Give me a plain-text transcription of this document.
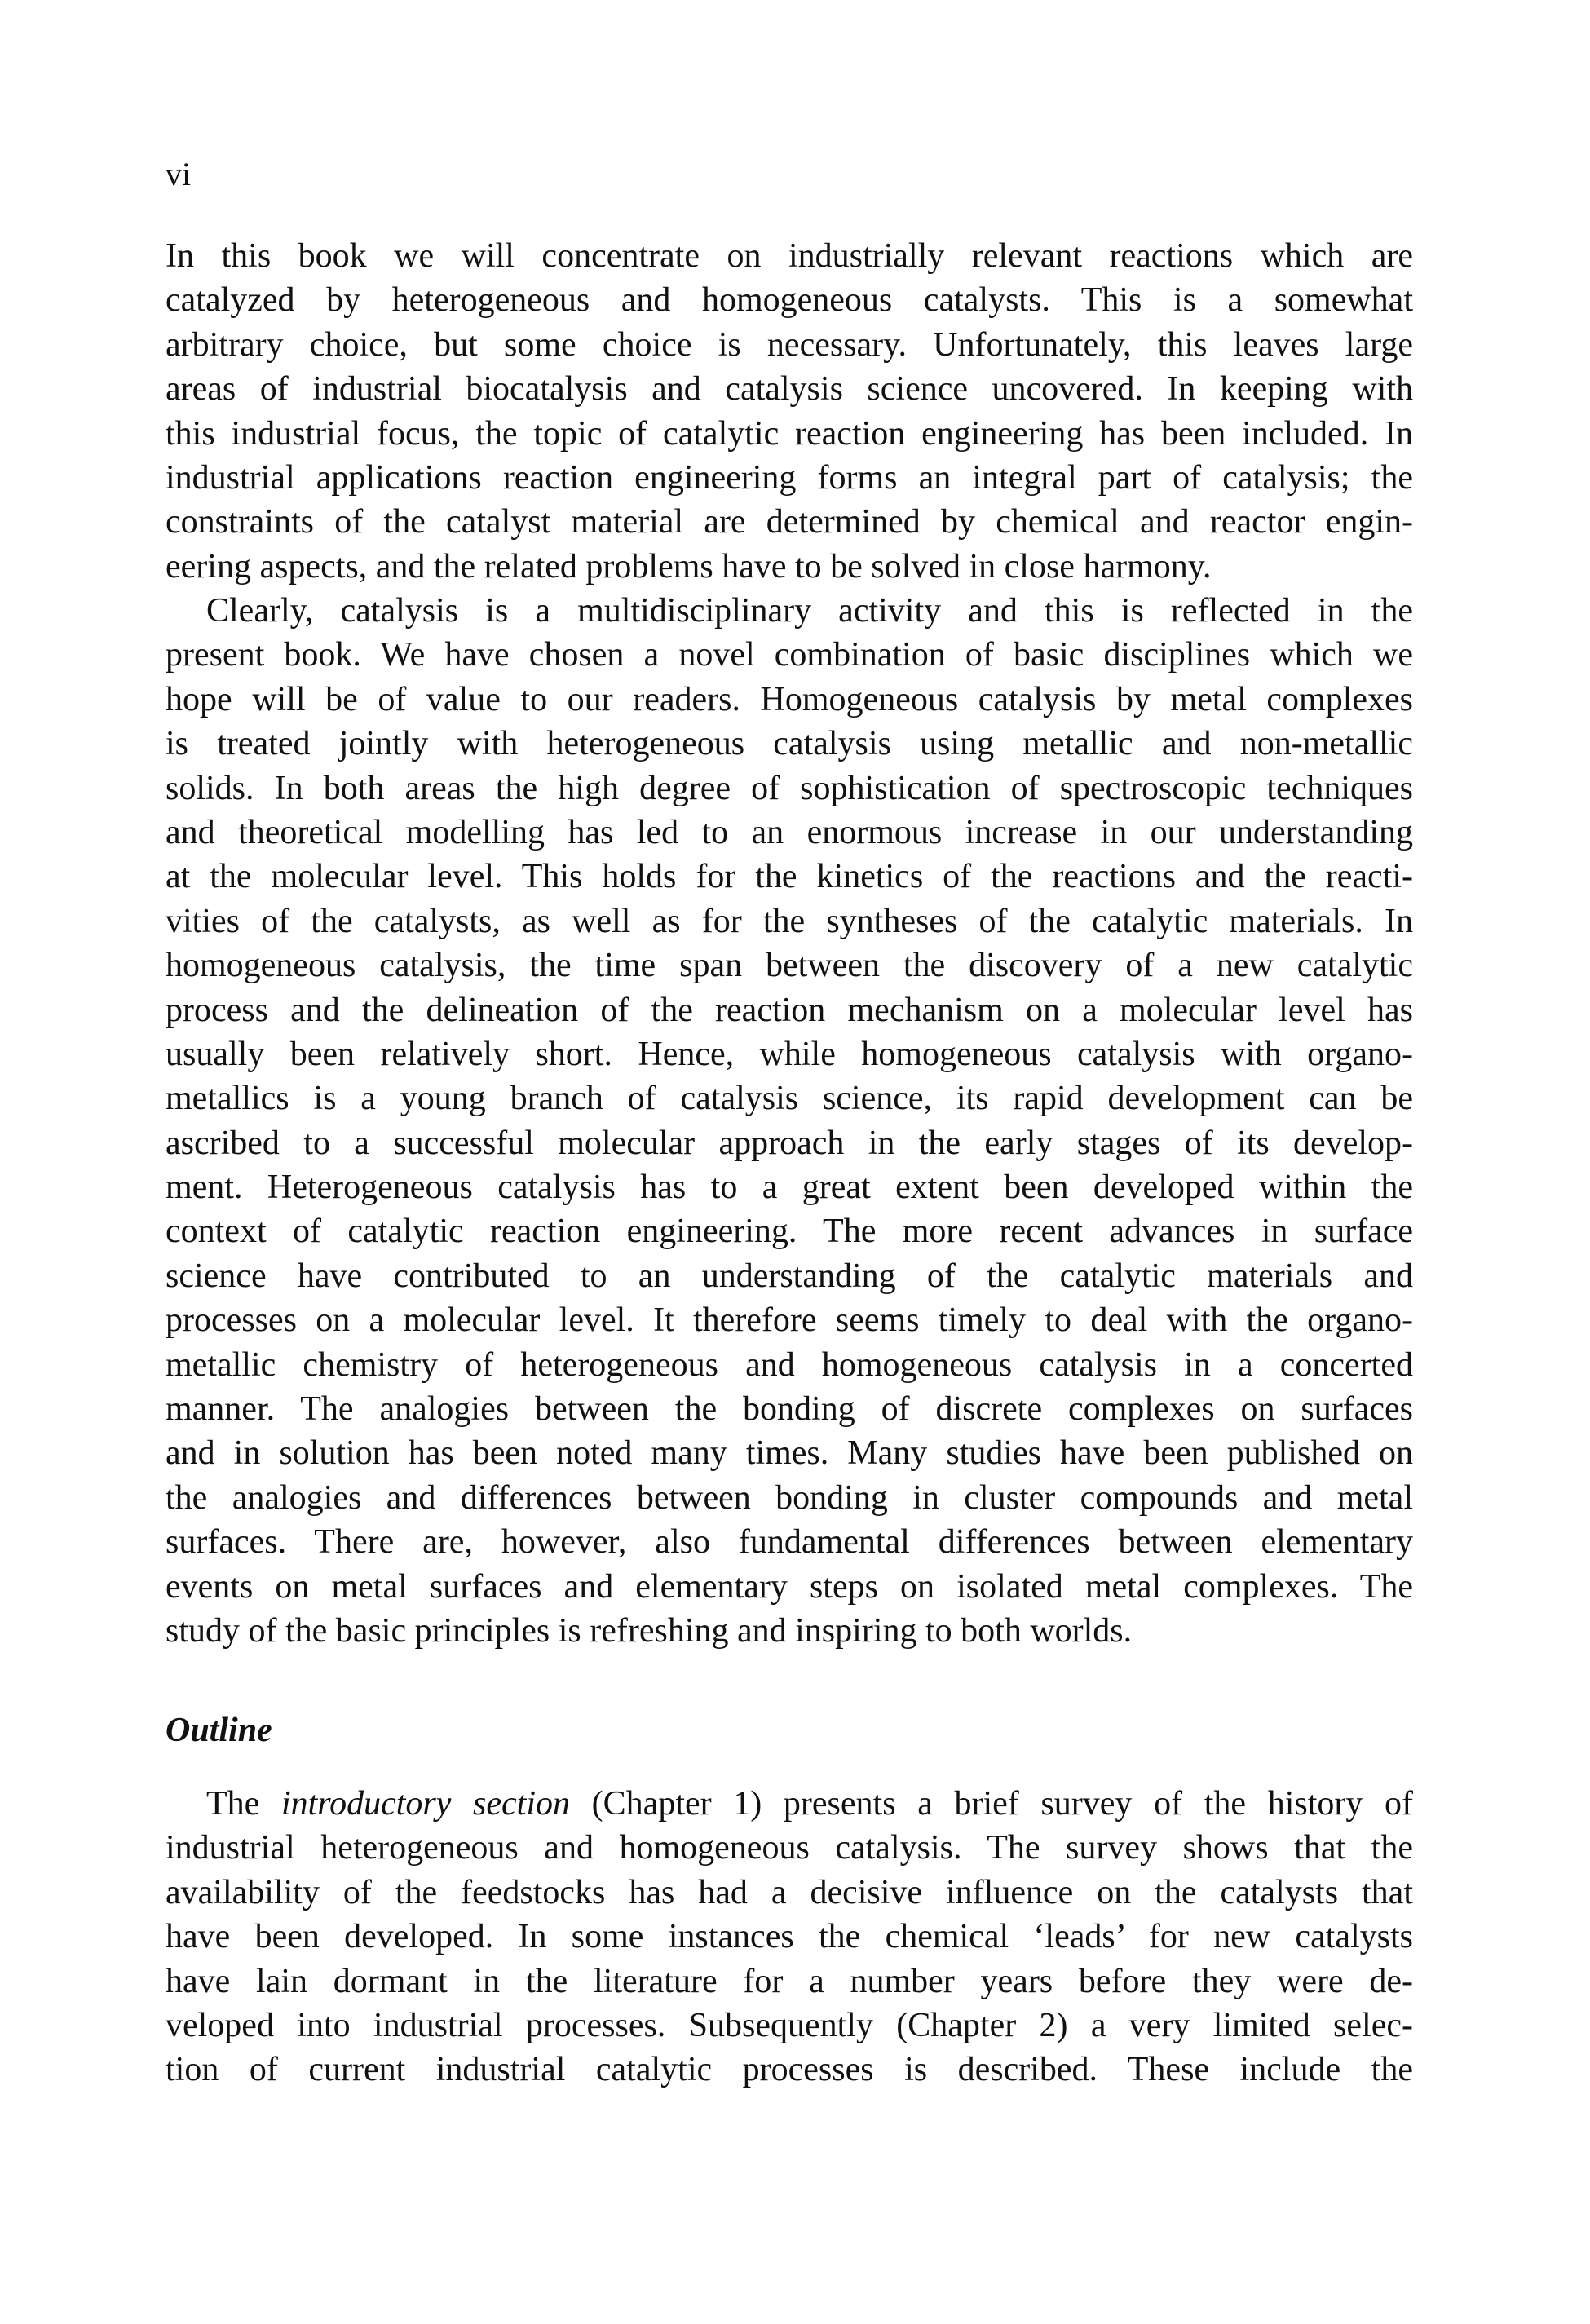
vi

In this book we will concentrate on industrially relevant reactions which are
catalyzed by heterogeneous and homogeneous catalysts. This is a somewhat
arbitrary choice, but some choice is necessary. Unfortunately, this leaves large
areas of industrial biocatalysis and catalysis science uncovered. In keeping with
this industrial focus, the topic of catalytic reaction engineering has been included. In
industrial applications reaction engineering forms an integral part of catalysis; the
constraints of the catalyst material are determined by chemical and reactor engin-
eering aspects, and the related problems have to be solved in close harmony.

Clearly, catalysis is a multidisciplinary activity and this is reflected in the
present book. We have chosen a novel combination of basic disciplines which we
hope will be of value to our readers. Homogeneous catalysis by metal complexes
is treated jointly with heterogeneous catalysis using metallic and non-metallic
solids. In both areas the high degree of sophistication of spectroscopic techniques
and theoretical modelling has led to an enormous increase in our understanding
at the molecular level. This holds for the kinetics of the reactions and the reacti-
vities of the catalysts, as well as for the syntheses of the catalytic materials. In
homogeneous catalysis, the time span between the discovery of a new catalytic
process and the delineation of the reaction mechanism on a molecular level has
usually been relatively short. Hence, while homogeneous catalysis with organo-
metallics is a young branch of catalysis science, its rapid development can be
ascribed to a successful molecular approach in the early stages of its develop-
ment. Heterogeneous catalysis has to a great extent been developed within the
context of catalytic reaction engineering. The more recent advances in surface
science have contributed to an understanding of the catalytic materials and
processes on a molecular level. It therefore seems timely to deal with the organo-
metallic chemistry of heterogeneous and homogeneous catalysis in a concerted
manner. The analogies between the bonding of discrete complexes on surfaces
and in solution has been noted many times. Many studies have been published on
the analogies and differences between bonding in cluster compounds and metal
surfaces. There are, however, also fundamental differences between elementary
events on metal surfaces and elementary steps on isolated metal complexes. The
study of the basic principles is refreshing and inspiring to both worlds.

Outline

The introductory section (Chapter 1) presents a brief survey of the history of
industrial heterogeneous and homogeneous catalysis. The survey shows that the
availability of the feedstocks has had a decisive influence on the catalysts that
have been developed. In some instances the chemical ‘leads’ for new catalysts
have lain dormant in the literature for a number years before they were de-
veloped into industrial processes. Subsequently (Chapter 2) a very limited selec-
tion of current industrial catalytic processes is described. These include the
